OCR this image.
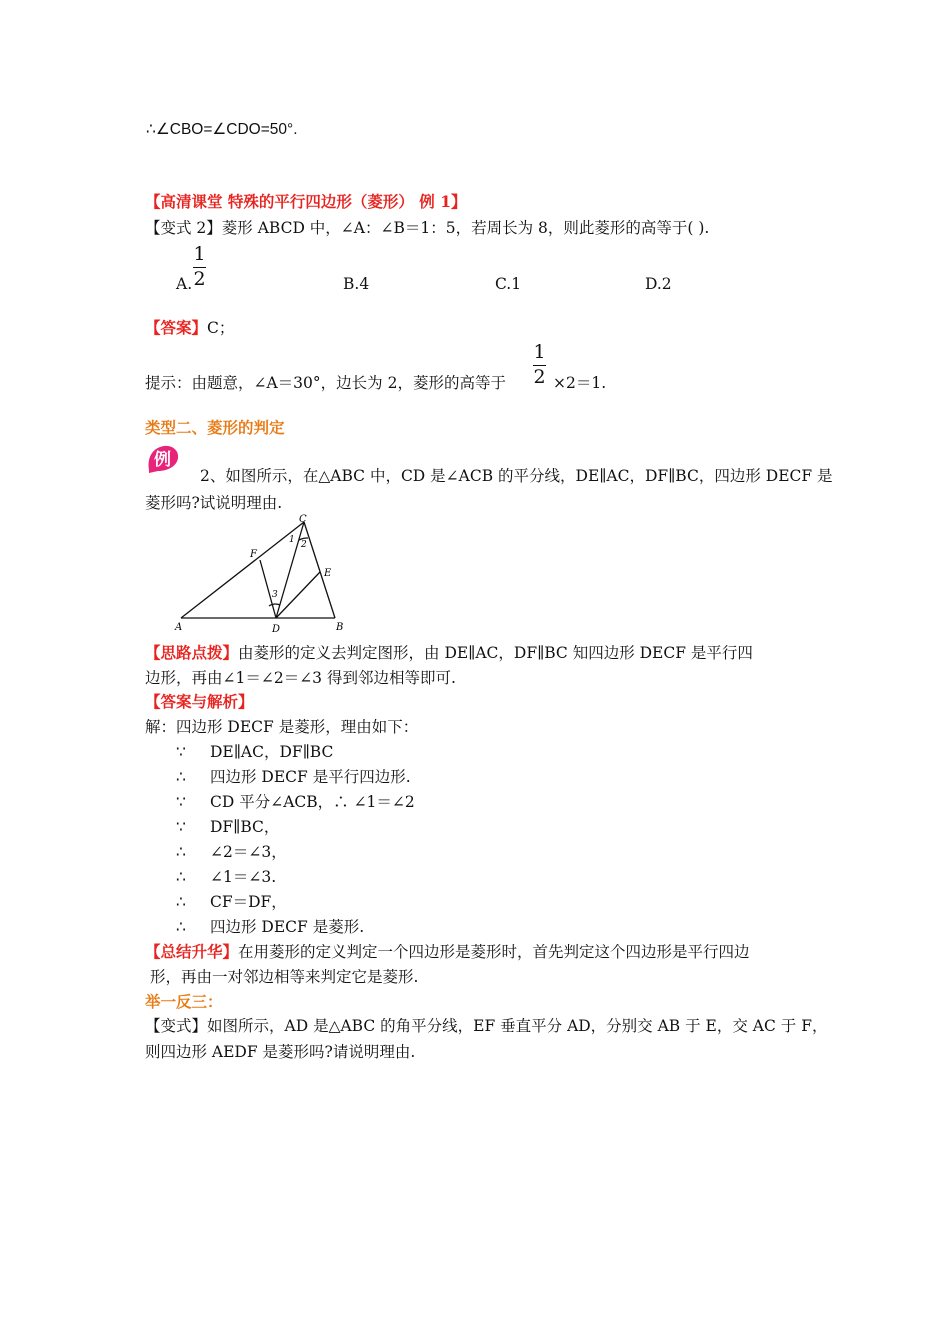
∴∠CBO=∠CDO=50°.
【高清课堂 特殊的平行四边形（菱形） 例 1】
【变式 2】菱形 ABCD 中，∠A：∠B＝1：5，若周长为 8，则此菱形的高等于( ).
A.
1
2	B.4	C.1	D.2
【答案】C；
提示：由题意，∠A＝30°，边长为 2，菱形的高等于
1
2 ×2＝1.
类型二、菱形的判定
例
2、如图所示，在△ABC 中，CD 是∠ACB 的平分线，DE∥AC，DF∥BC，四边形 DECF 是
菱形吗?试说明理由.
C
F
E
A	D	B
1 2
3
【思路点拨】由菱形的定义去判定图形，由 DE∥AC，DF∥BC 知四边形 DECF 是平行四
边形，再由∠1＝∠2＝∠3 得到邻边相等即可.
【答案与解析】
解：四边形 DECF 是菱形，理由如下：
∵ DE∥AC，DF∥BC
∴ 四边形 DECF 是平行四边形.
∵ CD 平分∠ACB，∴ ∠1＝∠2
∵ DF∥BC，
∴ ∠2＝∠3，
∴ ∠1＝∠3.
∴ CF＝DF，
∴ 四边形 DECF 是菱形.
【总结升华】在用菱形的定义判定一个四边形是菱形时，首先判定这个四边形是平行四边
形，再由一对邻边相等来判定它是菱形.
举一反三：
【变式】如图所示，AD 是△ABC 的角平分线，EF 垂直平分 AD，分别交 AB 于 E，交 AC 于 F，
则四边形 AEDF 是菱形吗?请说明理由.
